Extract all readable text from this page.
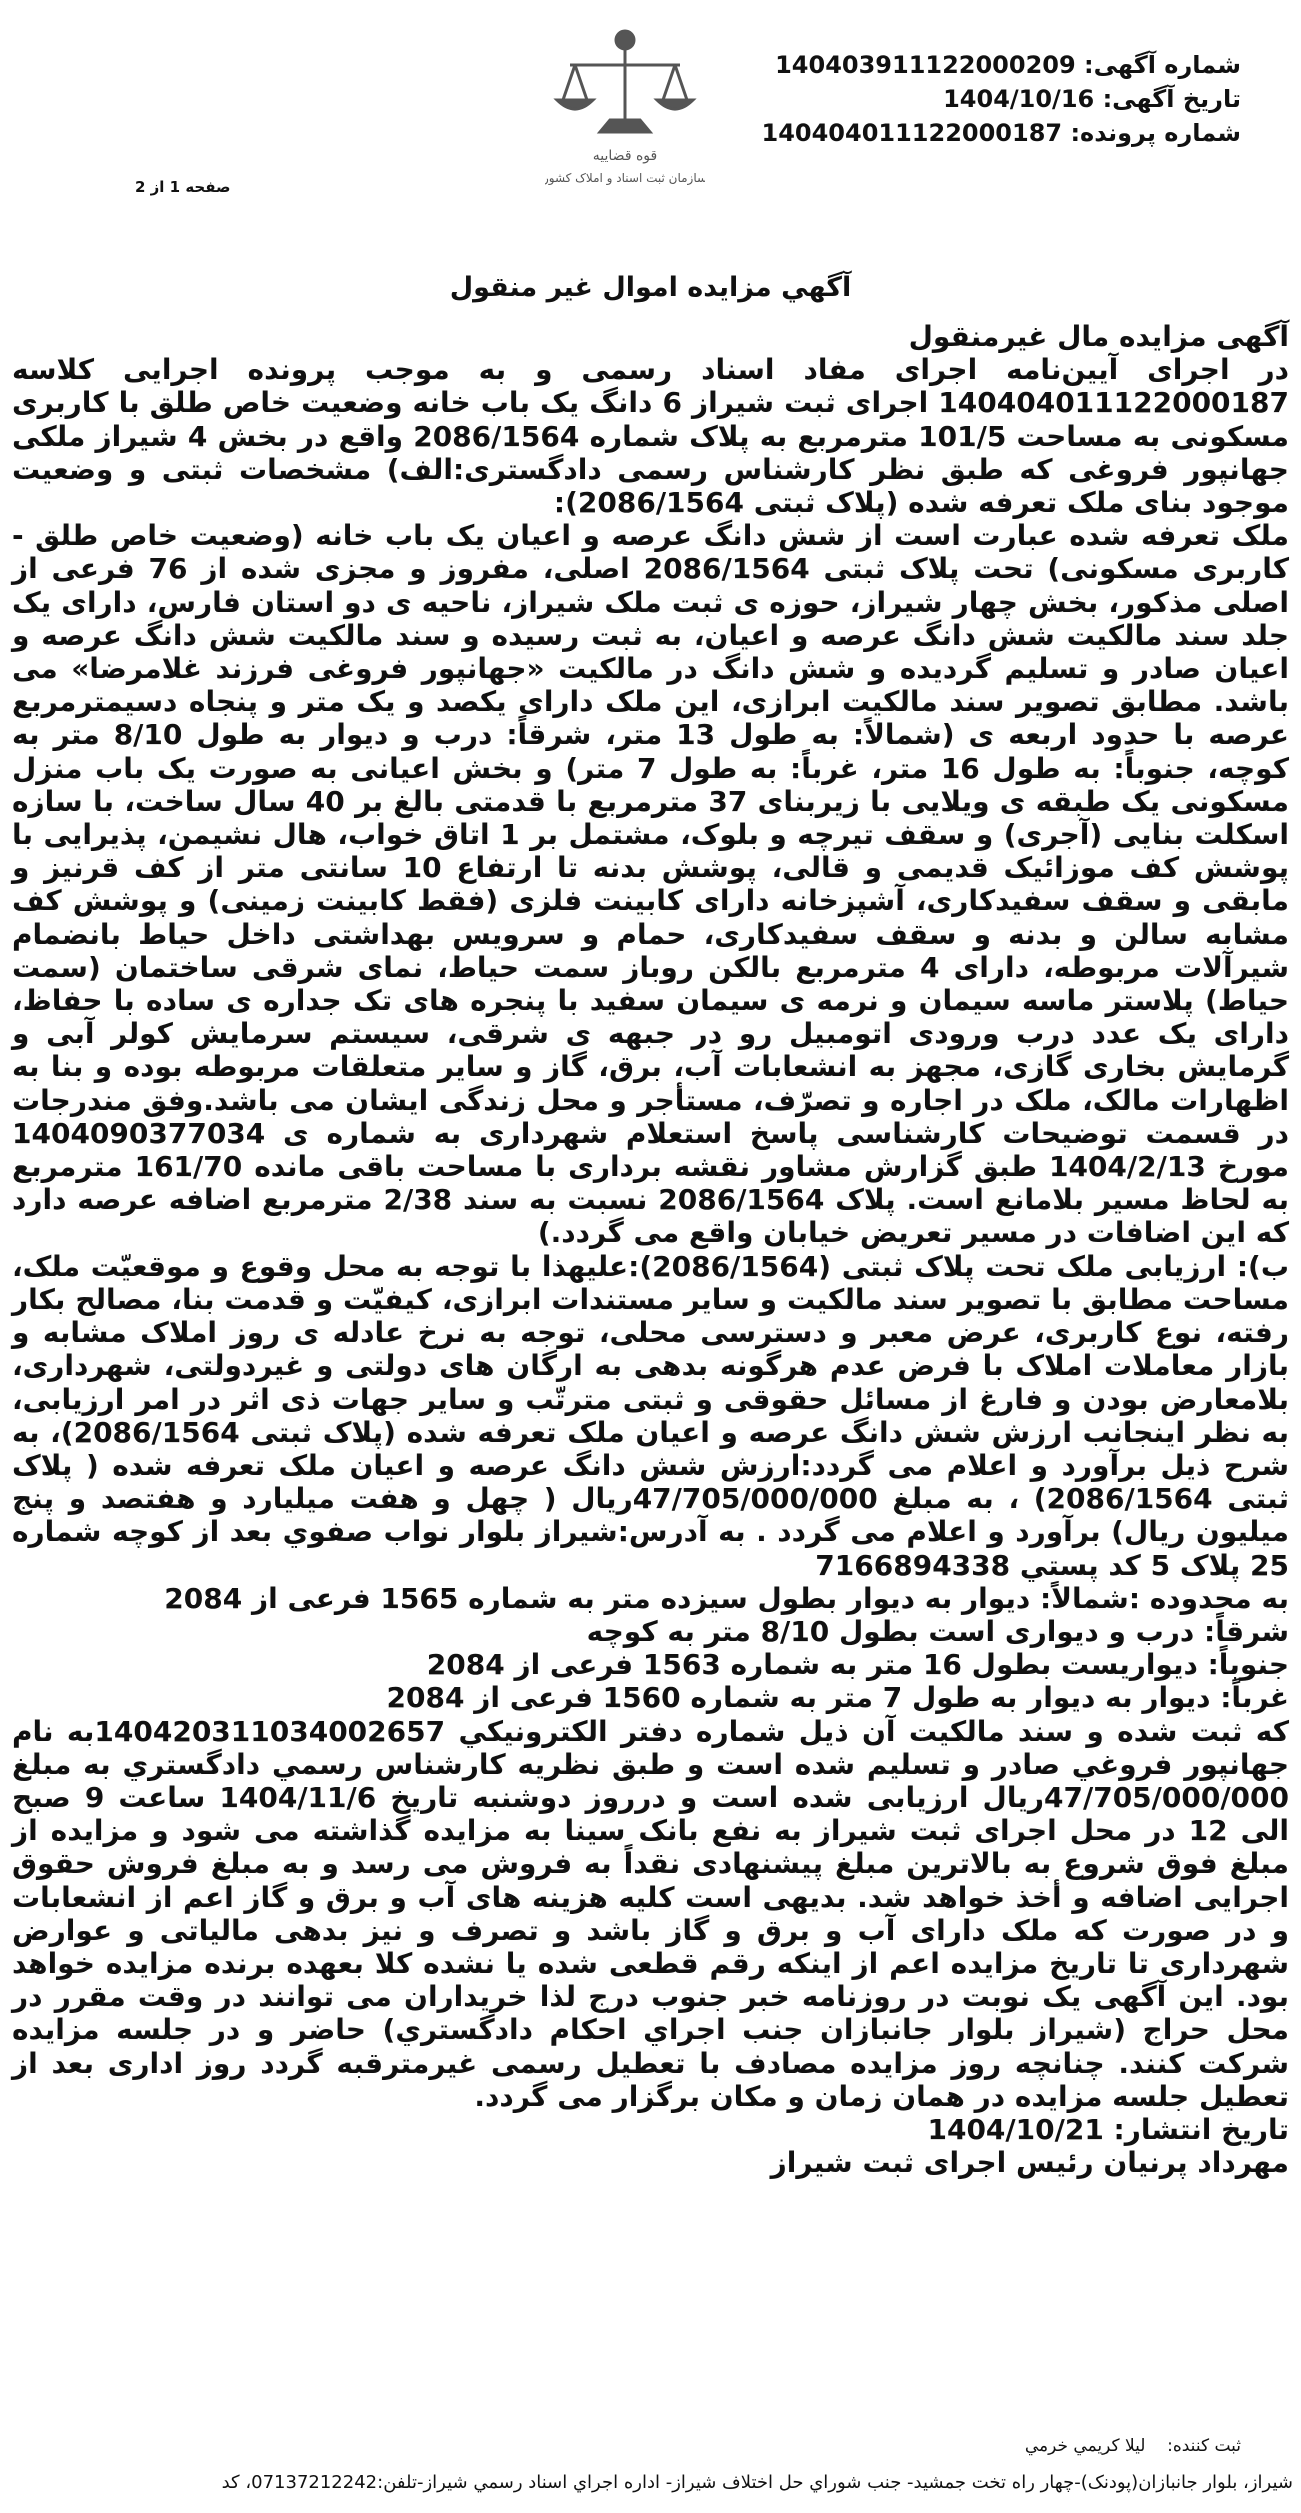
شماره آگهی: 140403911122000209
تاریخ آگهی: 1404/10/16
شماره پرونده: 140404011122000187
قوه قضاییه
سازمان ثبت اسناد و املاک کشور
صفحه 1 از 2
آگهي مزايده اموال غير منقول

آگهی مزایده مال غیرمنقول

در اجرای آیین‌نامه اجرای مفاد اسناد رسمی و به موجب پرونده اجرایی کلاسه 140404011122000187 اجرای ثبت شیراز 6 دانگ یک باب خانه وضعیت خاص طلق با کاربری مسکونی به مساحت 101/5 مترمربع به پلاک شماره 2086/1564 واقع در بخش 4 شیراز ملکی جهانپور فروغی که طبق نظر کارشناس رسمی دادگستری:الف) مشخصات ثبتی و وضعیت موجود بنای ملک تعرفه شده (پلاک ثبتی 2086/1564):

ملک تعرفه شده عبارت است از شش دانگ عرصه و اعیان یک باب خانه (وضعیت خاص طلق - کاربری مسکونی) تحت پلاک ثبتی 2086/1564 اصلی، مفروز و مجزی شده از 76 فرعی از اصلی مذکور، بخش چهار شیراز، حوزه ی ثبت ملک شیراز، ناحیه ی دو استان فارس، دارای یک جلد سند مالکیت شش دانگ عرصه و اعیان، به ثبت رسیده و سند مالکیت شش دانگ عرصه و اعیان صادر و تسلیم گردیده و شش دانگ در مالکیت «جهانپور فروغی فرزند غلامرضا» می باشد. مطابق تصویر سند مالکیت ابرازی، این ملک دارای یکصد و یک متر و پنجاه دسیمترمربع عرصه با حدود اربعه ی (شمالاً: به طول 13 متر، شرقاً: درب و دیوار به طول 8/10 متر به کوچه، جنوباً: به طول 16 متر، غرباً: به طول 7 متر) و بخش اعیانی به صورت یک باب منزل مسکونی یک طبقه ی ویلایی با زیربنای 37 مترمربع با قدمتی بالغ بر 40 سال ساخت، با سازه اسکلت بنایی (آجری) و سقف تیرچه و بلوک، مشتمل بر 1 اتاق خواب، هال نشیمن، پذیرایی با پوشش کف موزائیک قدیمی و قالی، پوشش بدنه تا ارتفاع 10 سانتی متر از کف قرنیز و مابقی و سقف سفیدکاری، آشپزخانه دارای کابینت فلزی (فقط کابینت زمینی) و پوشش کف مشابه سالن و بدنه و سقف سفیدکاری، حمام و سرویس بهداشتی داخل حیاط بانضمام شیرآلات مربوطه، دارای 4 مترمربع بالکن روباز سمت حیاط، نمای شرقی ساختمان (سمت حیاط) پلاستر ماسه سیمان و نرمه ی سیمان سفید با پنجره های تک جداره ی ساده با حفاظ، دارای یک عدد درب ورودی اتومبیل رو در جبهه ی شرقی، سیستم سرمایش کولر آبی و گرمایش بخاری گازی، مجهز به انشعابات آب، برق، گاز و سایر متعلقات مربوطه بوده و بنا به اظهارات مالک، ملک در اجاره و تصرّف، مستأجر و محل زندگی ایشان می باشد.وفق مندرجات در قسمت توضیحات کارشناسی پاسخ استعلام شهرداری به شماره ی 1404090377034 مورخ 1404/2/13 طبق گزارش مشاور نقشه برداری با مساحت باقی مانده 161/70 مترمربع به لحاظ مسیر بلامانع است. پلاک 2086/1564 نسبت به سند 2/38 مترمربع اضافه عرصه دارد که این اضافات در مسیر تعریض خیابان واقع می گردد.)

ب): ارزیابی ملک تحت پلاک ثبتی (2086/1564):علیهذا با توجه به محل وقوع و موقعیّت ملک، مساحت مطابق با تصویر سند مالکیت و سایر مستندات ابرازی، کیفیّت و قدمت بنا، مصالح بکار رفته، نوع کاربری، عرض معبر و دسترسی محلی، توجه به نرخ عادله ی روز املاک مشابه و بازار معاملات املاک با فرض عدم هرگونه بدهی به ارگان های دولتی و غیردولتی، شهرداری، بلامعارض بودن و فارغ از مسائل حقوقی و ثبتی مترتّب و سایر جهات ذی اثر در امر ارزیابی، به نظر اینجانب ارزش شش دانگ عرصه و اعیان ملک تعرفه شده (پلاک ثبتی 2086/1564)، به شرح ذیل برآورد و اعلام می گردد:ارزش شش دانگ عرصه و اعیان ملک تعرفه شده ( پلاک ثبتی 2086/1564) ، به مبلغ 47/705/000/000ريال ( چهل و هفت ميليارد و هفتصد و پنج ميليون ريال) برآورد و اعلام می گردد . به آدرس:شيراز بلوار نواب صفوي بعد از کوچه شماره 25 پلاک 5 کد پستي 7166894338

به محدوده :شمالاً: دیوار به دیوار بطول سیزده متر به شماره 1565 فرعی از 2084

شرقاً: درب و دیواری است بطول 8/10 متر به کوچه

جنوباً: دیواریست بطول 16 متر به شماره 1563 فرعی از 2084

غرباً: دیوار به دیوار به طول 7 متر به شماره 1560 فرعی از 2084

که ثبت شده و سند مالکيت آن ذيل شماره دفتر الکترونيکي 140420311034002657به نام جهانپور فروغي صادر و تسليم شده است و طبق نظريه کارشناس رسمي دادگستري به مبلغ 47/705/000/000ریال ارزیابی شده است و درروز دوشنبه تاریخ 1404/11/6 ساعت 9 صبح الی 12 در محل اجرای ثبت شیراز به نفع بانک سینا به مزایده گذاشته می شود و مزایده از مبلغ فوق شروع به بالاترین مبلغ پیشنهادی نقداً به فروش می رسد و به مبلغ فروش حقوق اجرایی اضافه و أخذ خواهد شد. بدیهی است کلیه هزینه های آب و برق و گاز اعم از انشعابات و در صورت که ملک دارای آب و برق و گاز باشد و تصرف و نیز بدهی مالیاتی و عوارض شهرداری تا تاریخ مزایده اعم از اینکه رقم قطعی شده یا نشده کلا بعهده برنده مزایده خواهد بود. این آگهی یک نوبت در روزنامه خبر جنوب درج لذا خریداران می توانند در وقت مقرر در محل حراج (شيراز بلوار جانبازان جنب اجراي احکام دادگستري) حاضر و در جلسه مزایده شرکت کنند. چنانچه روز مزایده مصادف با تعطیل رسمی غیرمترقبه گردد روز اداری بعد از تعطیل جلسه مزایده در همان زمان و مکان برگزار می گردد.

تاریخ انتشار: 1404/10/21

مهرداد پرنیان رئیس اجرای ثبت شیراز

ثبت کننده:    ليلا کريمي خرمي
شيراز، بلوار جانبازان(پودنک)-چهار راه تخت جمشيد- جنب شوراي حل اختلاف شيراز- اداره اجراي اسناد رسمي شيراز-تلفن:07137212242، کد
